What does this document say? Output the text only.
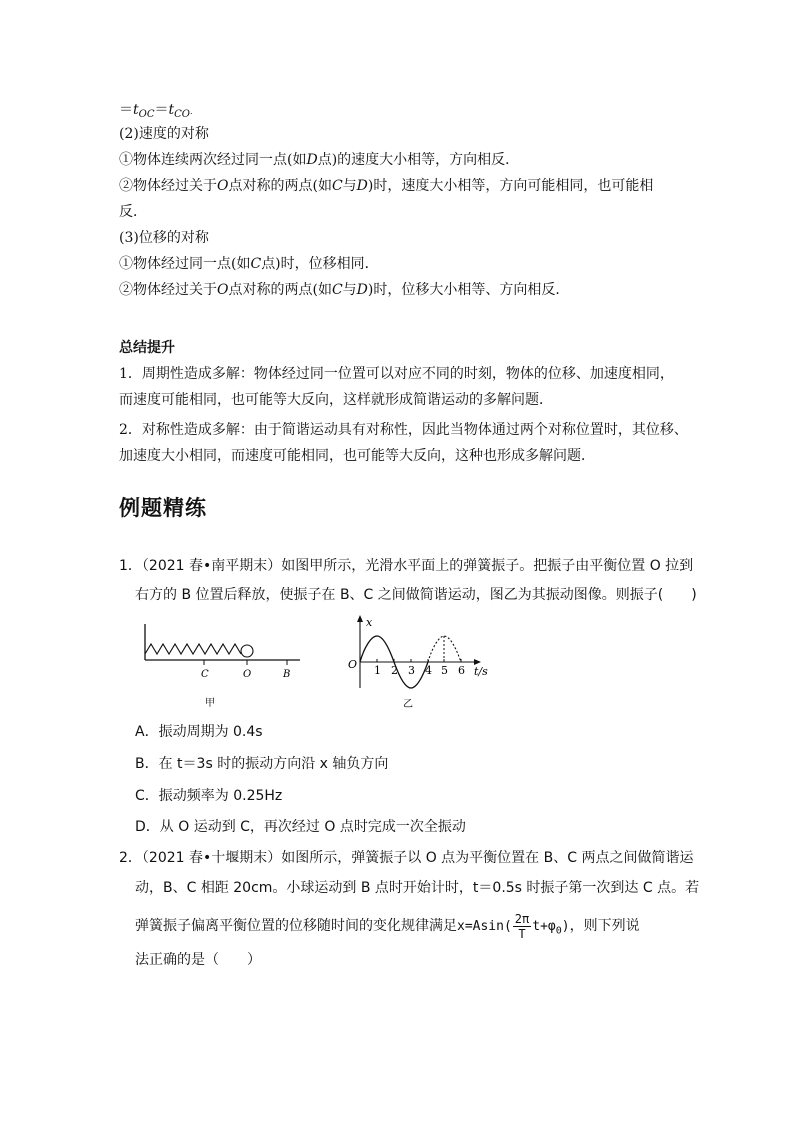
$=t_{OC}=t_{CO}$.
(2)速度的对称
①物体连续两次经过同一点(如D点)的速度大小相等，方向相反．
②物体经过关于O点对称的两点(如C与D)时，速度大小相等，方向可能相同，也可能相
反．
(3)位移的对称
①物体经过同一点(如C点)时，位移相同．
②物体经过关于O点对称的两点(如C与D)时，位移大小相等、方向相反．
总结提升
1．周期性造成多解：物体经过同一位置可以对应不同的时刻，物体的位移、加速度相同，
而速度可能相同，也可能等大反向，这样就形成简谐运动的多解问题．
2．对称性造成多解：由于简谐运动具有对称性，因此当物体通过两个对称位置时，其位移、
加速度大小相同，而速度可能相同，也可能等大反向，这种也形成多解问题．
例题精练
1．（2021 春•南平期末）如图甲所示，光滑水平面上的弹簧振子。把振子由平衡位置 O 拉到
右方的 B 位置后释放，使振子在 B、C 之间做简谐运动，图乙为其振动图像。则振子(　　)
C	O	B
甲
x
O
t/s
1 2 3 4 5 6
乙
A．振动周期为 0.4s
B．在 t＝3s 时的振动方向沿 x 轴负方向
C．振动频率为 0.25Hz
D．从 O 运动到 C，再次经过 O 点时完成一次全振动
2．（2021 春•十堰期末）如图所示，弹簧振子以 O 点为平衡位置在 B、C 两点之间做简谐运
动，B、C 相距 20cm。小球运动到 B 点时开始计时，t＝0.5s 时振子第一次到达 C 点。若
弹簧振子偏离平衡位置的位移随时间的变化规律满足$x=Asin( \frac{2\pi}{T} t+\varphi_0)$，则下列说
法正确的是（　　）
